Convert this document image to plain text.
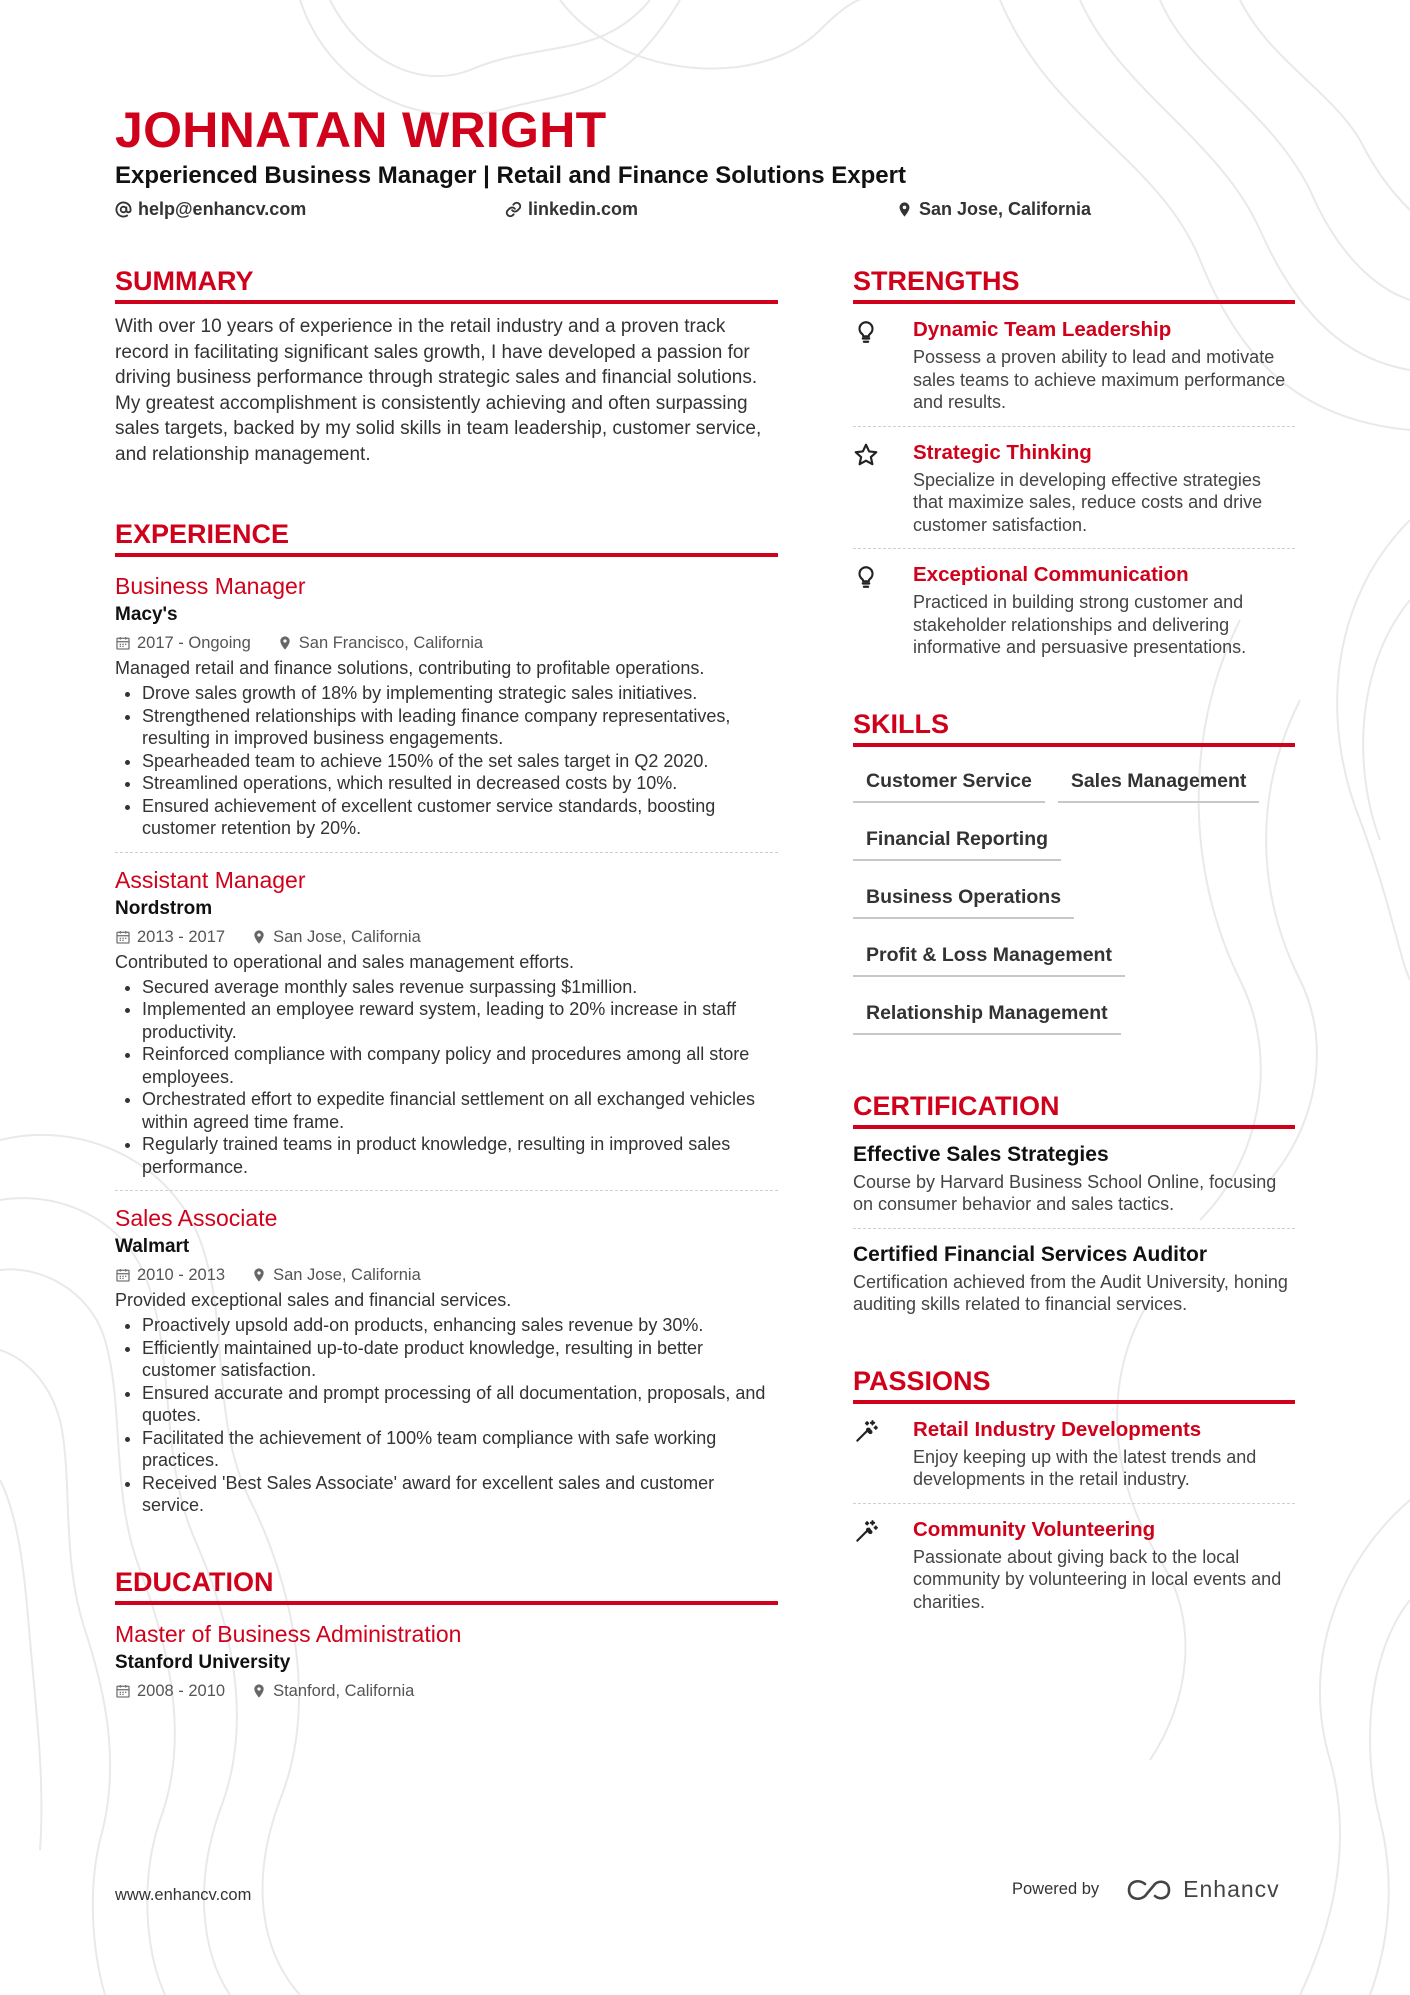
JOHNATAN WRIGHT
Experienced Business Manager | Retail and Finance Solutions Expert
help@enhancv.com	linkedin.com	San Jose, California
SUMMARY

With over 10 years of experience in the retail industry and a proven track record in facilitating significant sales growth, I have developed a passion for driving business performance through strategic sales and financial solutions. My greatest accomplishment is consistently achieving and often surpassing sales targets, backed by my solid skills in team leadership, customer service, and relationship management.

EXPERIENCE
Business Manager

Macy's

2017 - Ongoing	San Francisco, California

Managed retail and finance solutions, contributing to profitable operations.

• Drove sales growth of 18% by implementing strategic sales initiatives.
• Strengthened relationships with leading finance company representatives, resulting in improved business engagements.
• Spearheaded team to achieve 150% of the set sales target in Q2 2020.
• Streamlined operations, which resulted in decreased costs by 10%.
• Ensured achievement of excellent customer service standards, boosting customer retention by 20%.
Assistant Manager

Nordstrom

2013 - 2017	San Jose, California

Contributed to operational and sales management efforts.

• Secured average monthly sales revenue surpassing $1million.
• Implemented an employee reward system, leading to 20% increase in staff productivity.
• Reinforced compliance with company policy and procedures among all store employees.
• Orchestrated effort to expedite financial settlement on all exchanged vehicles within agreed time frame.
• Regularly trained teams in product knowledge, resulting in improved sales performance.
Sales Associate

Walmart

2010 - 2013	San Jose, California

Provided exceptional sales and financial services.

• Proactively upsold add-on products, enhancing sales revenue by 30%.
• Efficiently maintained up-to-date product knowledge, resulting in better customer satisfaction.
• Ensured accurate and prompt processing of all documentation, proposals, and quotes.
• Facilitated the achievement of 100% team compliance with safe working practices.
• Received 'Best Sales Associate' award for excellent sales and customer service.
EDUCATION
Master of Business Administration

Stanford University

2008 - 2010	Stanford, California
STRENGTHS
Dynamic Team Leadership

Possess a proven ability to lead and motivate sales teams to achieve maximum performance and results.

Strategic Thinking

Specialize in developing effective strategies that maximize sales, reduce costs and drive customer satisfaction.

Exceptional Communication

Practiced in building strong customer and stakeholder relationships and delivering informative and persuasive presentations.

SKILLS
Customer Service	Sales Management
Financial Reporting
Business Operations
Profit & Loss Management
Relationship Management
CERTIFICATION
Effective Sales Strategies

Course by Harvard Business School Online, focusing on consumer behavior and sales tactics.

Certified Financial Services Auditor

Certification achieved from the Audit University, honing auditing skills related to financial services.

PASSIONS
Retail Industry Developments

Enjoy keeping up with the latest trends and developments in the retail industry.

Community Volunteering

Passionate about giving back to the local community by volunteering in local events and charities.

www.enhancv.com	Powered by	Enhancv
